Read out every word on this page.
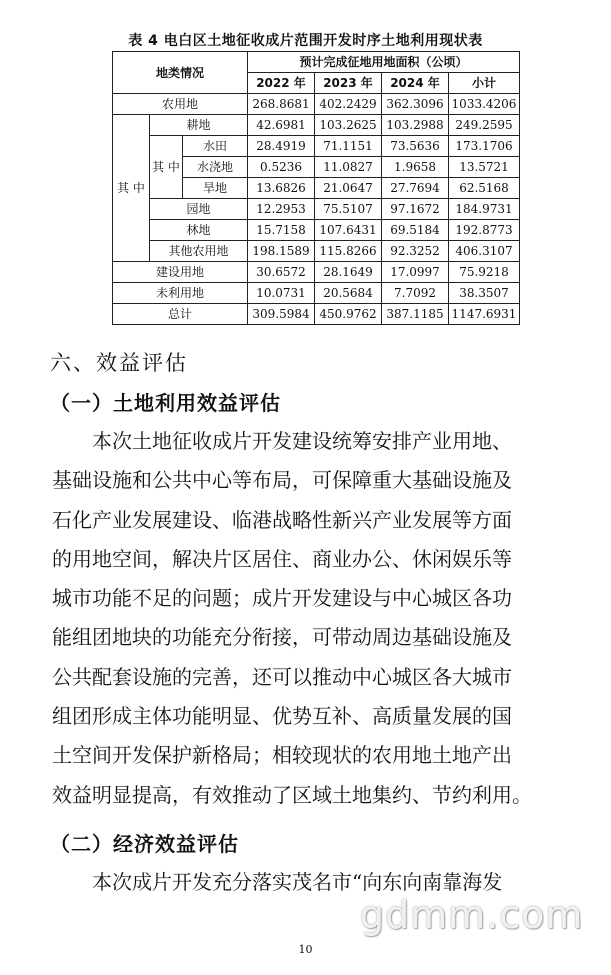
表 4 电白区土地征收成片范围开发时序土地利用现状表
地类情况			预计完成征地用地面积（公顷）			
			2022 年	2023 年	2024 年	小计
农用地			268.8681	402.2429	362.3096	1033.4206
其 中	耕地		42.6981	103.2625	103.2988	249.2595
	其 中	水田	28.4919	71.1151	73.5636	173.1706
		水浇地	0.5236	11.0827	1.9658	13.5721
		旱地	13.6826	21.0647	27.7694	62.5168
	园地		12.2953	75.5107	97.1672	184.9731
	林地		15.7158	107.6431	69.5184	192.8773
	其他农用地		198.1589	115.8266	92.3252	406.3107
建设用地			30.6572	28.1649	17.0997	75.9218
未利用地			10.0731	20.5684	7.7092	38.3507
总计			309.5984	450.9762	387.1185	1147.6931
六、效益评估
（一）土地利用效益评估
本次土地征收成片开发建设统筹安排产业用地、
基础设施和公共中心等布局，可保障重大基础设施及
石化产业发展建设、临港战略性新兴产业发展等方面
的用地空间，解决片区居住、商业办公、休闲娱乐等
城市功能不足的问题；成片开发建设与中心城区各功
能组团地块的功能充分衔接，可带动周边基础设施及
公共配套设施的完善，还可以推动中心城区各大城市
组团形成主体功能明显、优势互补、高质量发展的国
土空间开发保护新格局；相较现状的农用地土地产出
效益明显提高，有效推动了区域土地集约、节约利用。
（二）经济效益评估
本次成片开发充分落实茂名市“向东向南靠海发
gdmm.com
10
